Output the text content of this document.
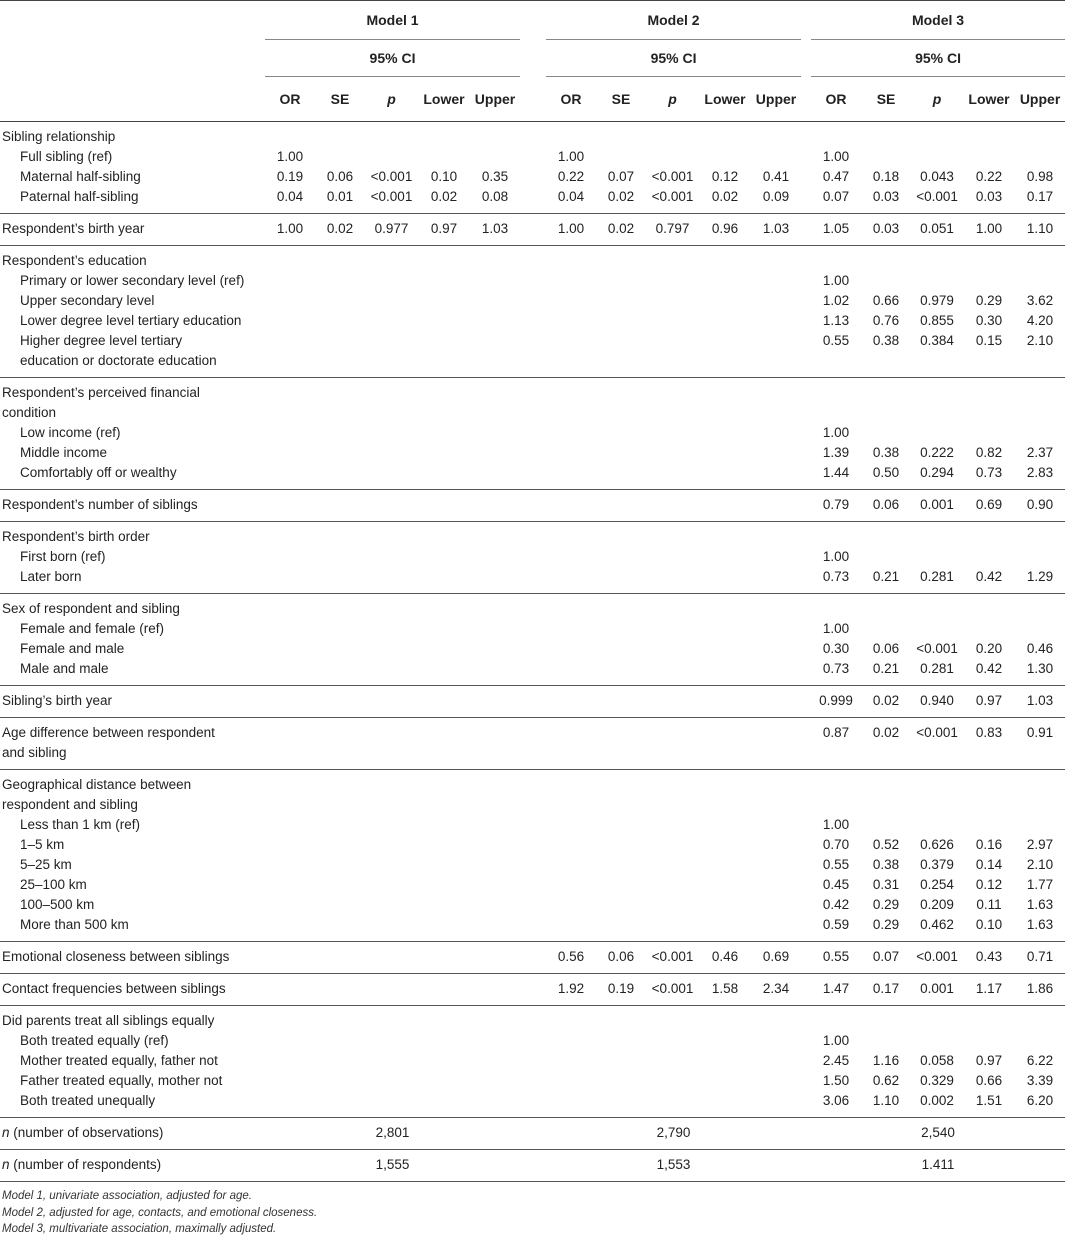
	Model 1						Model 2						Model 3				
	95% CI						95% CI						95% CI				
	OR	SE	p	Lower	Upper		OR	SE	p	Lower	Upper		OR	SE	p	Lower	Upper
Sibling relationship																	
Full sibling (ref)	1.00						1.00						1.00				
Maternal half-sibling	0.19	0.06	<0.001	0.10	0.35		0.22	0.07	<0.001	0.12	0.41		0.47	0.18	0.043	0.22	0.98
Paternal half-sibling	0.04	0.01	<0.001	0.02	0.08		0.04	0.02	<0.001	0.02	0.09		0.07	0.03	<0.001	0.03	0.17
Respondent’s birth year	1.00	0.02	0.977	0.97	1.03		1.00	0.02	0.797	0.96	1.03		1.05	0.03	0.051	1.00	1.10
Respondent’s education																	
Primary or lower secondary level (ref)													1.00				
Upper secondary level													1.02	0.66	0.979	0.29	3.62
Lower degree level tertiary education													1.13	0.76	0.855	0.30	4.20
Higher degree level tertiary													0.55	0.38	0.384	0.15	2.10
education or doctorate education																	
Respondent’s perceived financial																	
condition																	
Low income (ref)													1.00				
Middle income													1.39	0.38	0.222	0.82	2.37
Comfortably off or wealthy													1.44	0.50	0.294	0.73	2.83
Respondent’s number of siblings													0.79	0.06	0.001	0.69	0.90
Respondent’s birth order																	
First born (ref)													1.00				
Later born													0.73	0.21	0.281	0.42	1.29
Sex of respondent and sibling																	
Female and female (ref)													1.00				
Female and male													0.30	0.06	<0.001	0.20	0.46
Male and male													0.73	0.21	0.281	0.42	1.30
Sibling’s birth year													0.999	0.02	0.940	0.97	1.03
Age difference between respondent													0.87	0.02	<0.001	0.83	0.91
and sibling																	
Geographical distance between																	
respondent and sibling																	
Less than 1 km (ref)													1.00				
1–5 km													0.70	0.52	0.626	0.16	2.97
5–25 km													0.55	0.38	0.379	0.14	2.10
25–100 km													0.45	0.31	0.254	0.12	1.77
100–500 km													0.42	0.29	0.209	0.11	1.63
More than 500 km													0.59	0.29	0.462	0.10	1.63
Emotional closeness between siblings							0.56	0.06	<0.001	0.46	0.69		0.55	0.07	<0.001	0.43	0.71
Contact frequencies between siblings							1.92	0.19	<0.001	1.58	2.34		1.47	0.17	0.001	1.17	1.86
Did parents treat all siblings equally																	
Both treated equally (ref)													1.00				
Mother treated equally, father not													2.45	1.16	0.058	0.97	6.22
Father treated equally, mother not													1.50	0.62	0.329	0.66	3.39
Both treated unequally													3.06	1.10	0.002	1.51	6.20
n (number of observations)	2,801						2,790						2,540				
n (number of respondents)	1,555						1,553						1.411				
Model 1, univariate association, adjusted for age.
Model 2, adjusted for age, contacts, and emotional closeness.
Model 3, multivariate association, maximally adjusted.
